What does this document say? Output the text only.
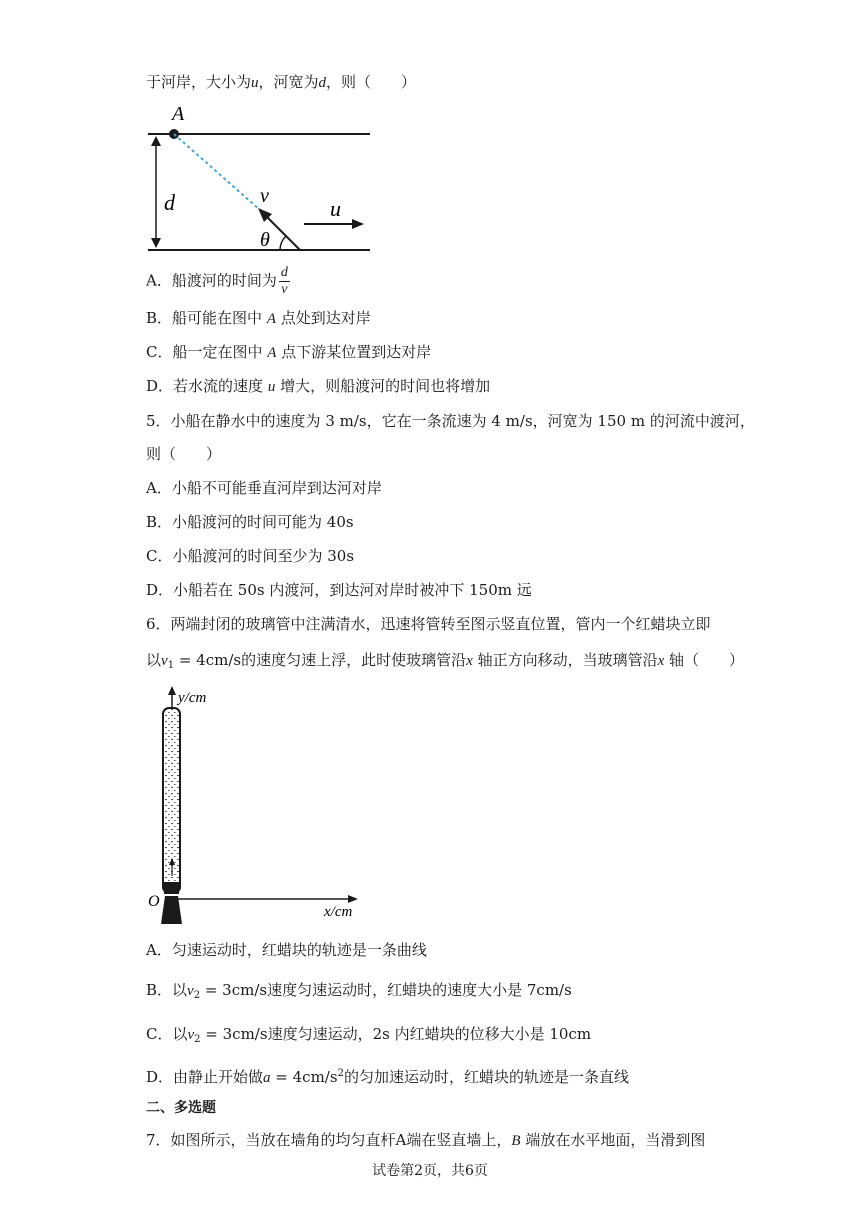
于河岸，大小为u，河宽为d，则（　　）
A
d	v
θ
u
A．船渡河的时间为 $\frac{d}{v}$
B．船可能在图中 A 点处到达对岸
C．船一定在图中 A 点下游某位置到达对岸
D．若水流的速度 u 增大，则船渡河的时间也将增加
5．小船在静水中的速度为 3 m/s，它在一条流速为 4 m/s，河宽为 150 m 的河流中渡河，
则（　　）
A．小船不可能垂直河岸到达河对岸
B．小船渡河的时间可能为 40s
C．小船渡河的时间至少为 30s
D．小船若在 50s 内渡河，到达河对岸时被冲下 150m 远
6．两端封闭的玻璃管中注满清水，迅速将管转至图示竖直位置，管内一个红蜡块立即
以$v_1 = 4cm/s$的速度匀速上浮，此时使玻璃管沿x 轴正方向移动，当玻璃管沿x 轴（　　）
y/cm
O
x/cm
A．匀速运动时，红蜡块的轨迹是一条曲线
B．以$v_2 = 3cm/s$速度匀速运动时，红蜡块的速度大小是 7cm/s
C．以$v_2 = 3cm/s$速度匀速运动，2s 内红蜡块的位移大小是 10cm
D．由静止开始做$a = 4cm/s^2$的匀加速运动时，红蜡块的轨迹是一条直线
二、多选题
7．如图所示，当放在墙角的均匀直杆A端在竖直墙上，B 端放在水平地面，当滑到图
试卷第2页，共6页
